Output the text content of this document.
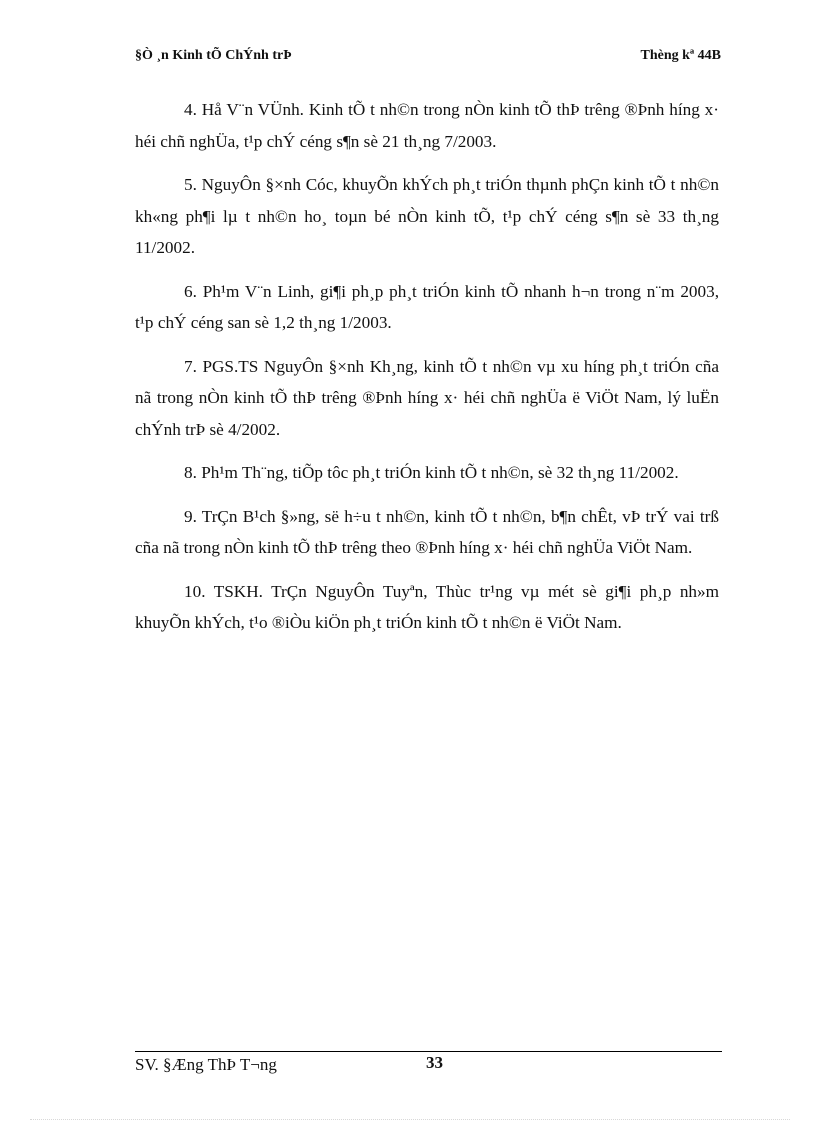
§Ò ¸n Kinh tÕ ChÝnh trÞ	Thèng kª 44B

4. Hå V¨n VÜnh. Kinh tÕ t nh©n trong nÒn kinh tÕ thÞ trêng ®Þnh híng x· héi chñ nghÜa, t¹p chÝ céng s¶n sè 21 th¸ng 7/2003.

5. NguyÔn §×nh Cóc, khuyÕn khÝch ph¸t triÓn thµnh phÇn kinh tÕ t nh©n kh«ng ph¶i lµ t nh©n ho¸ toµn bé nÒn kinh tÕ, t¹p chÝ céng s¶n sè 33 th¸ng 11/2002.

6. Ph¹m V¨n Linh, gi¶i ph¸p ph¸t triÓn kinh tÕ nhanh h¬n trong n¨m 2003, t¹p chÝ céng san sè 1,2 th¸ng 1/2003.

7. PGS.TS NguyÔn §×nh Kh¸ng, kinh tÕ t nh©n vµ xu híng ph¸t triÓn cña nã trong nÒn kinh tÕ thÞ trêng ®Þnh híng x· héi chñ nghÜa ë ViÖt Nam, lý luËn chÝnh trÞ sè 4/2002.

8. Ph¹m Th¨ng, tiÕp tôc ph¸t triÓn kinh tÕ t nh©n, sè 32 th¸ng 11/2002.

9. TrÇn B¹ch §»ng, së h÷u t nh©n, kinh tÕ t nh©n, b¶n chÊt, vÞ trÝ vai trß cña nã trong nÒn kinh tÕ thÞ trêng theo ®Þnh híng x· héi chñ nghÜa ViÖt Nam.

10. TSKH. TrÇn NguyÔn Tuyªn, Thùc tr¹ng vµ mét sè gi¶i ph¸p nh»m khuyÕn khÝch, t¹o ®iÒu kiÖn ph¸t triÓn kinh tÕ t nh©n ë ViÖt Nam.

SV. §Æng ThÞ T¬ng	33
